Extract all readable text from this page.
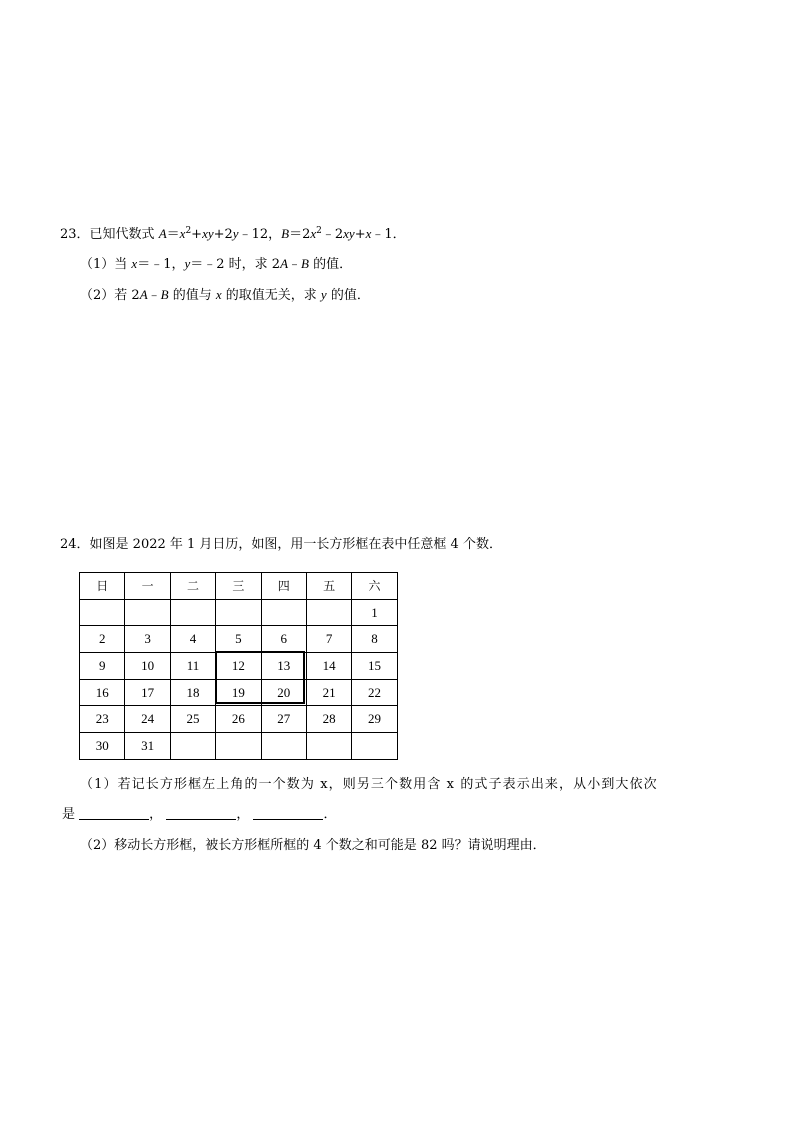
23．已知代数式 $A=x^2+xy+2y﹣12$，$B=2x^2﹣2xy+x﹣1$．
（1）当 x＝﹣1，y＝﹣2 时，求 2A﹣B 的值．
（2）若 2A﹣B 的值与 x 的取值无关，求 y 的值．
24．如图是 2022 年 1 月日历，如图，用一长方形框在表中任意框 4 个数．
日	一	二	三	四	五	六
						1
2	3	4	5	6	7	8
9	10	11	12	13	14	15
16	17	18	19	20	21	22
23	24	25	26	27	28	29
30	31					
（1）若记长方形框左上角的一个数为 x，则另三个数用含 x 的式子表示出来，从小到大依次
是	，	，	．
（2）移动长方形框，被长方形框所框的 4 个数之和可能是 82 吗？请说明理由．
